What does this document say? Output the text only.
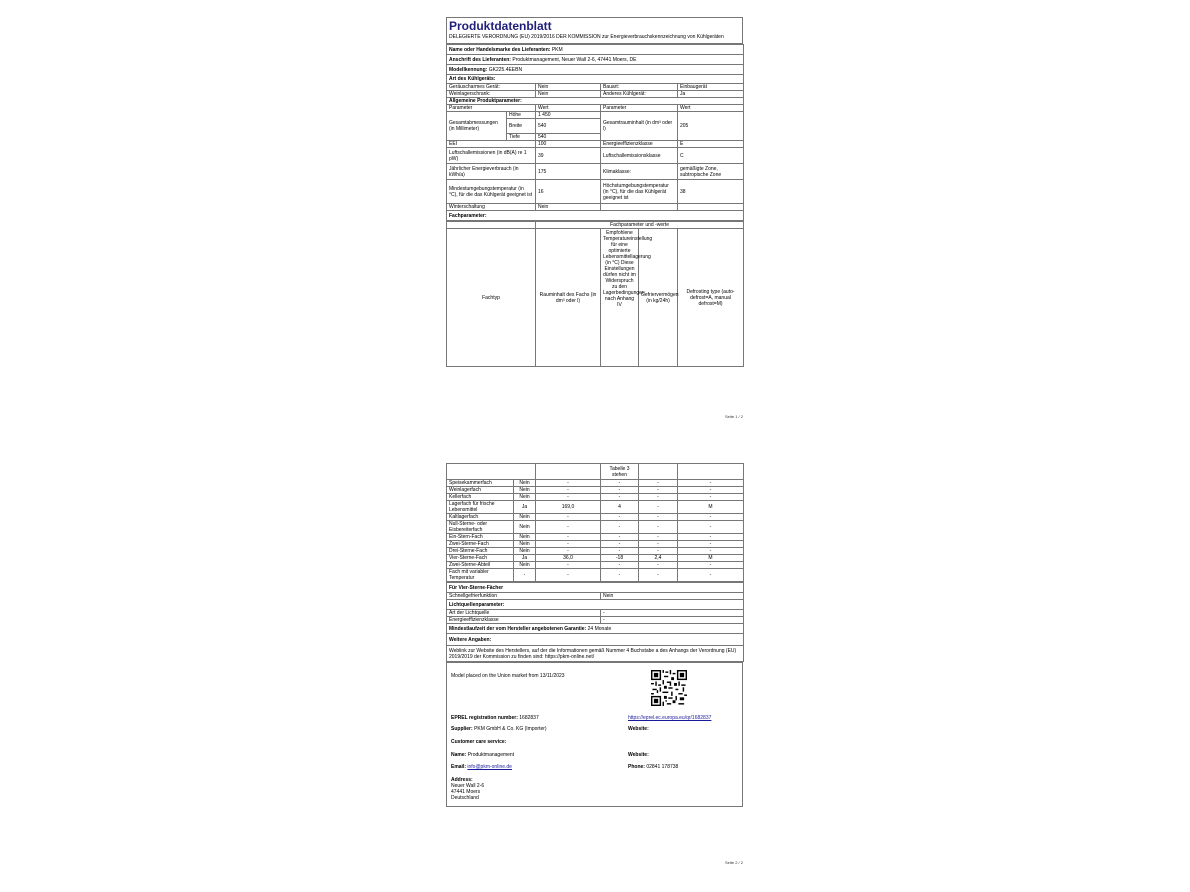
Produktdatenblatt
DELEGIERTE VERORDNUNG (EU) 2019/2016 DER KOMMISSION zur Energieverbrauchskennzeichnung von Kühlgeräten
Name oder Handelsmarke des Lieferanten: PKM				
Anschrift des Lieferanten: Produktmanagement, Neuer Wall 2-6, 47441 Moers, DE				
Modellkennung: GK225.4EEBN				
Art des Kühlgeräts:				
Geräuscharmes Gerät:		Nein	Bauart:	Einbaugerät
Weinlagerschrank:		Nein	Anderes Kühlgerät:	Ja
Allgemeine Produktparameter:				
Parameter		Wert	Parameter	Wert
Gesamtabmessungen (in Millimeter)	Höhe	1 450	Gesamtrauminhalt (in dm³ oder l)	205
	Breite	540		
	Tiefe	540		
EEI		100	Energieeffizienzklasse	E
Luftschallemissionen (in dB(A) re 1 pW)		39	Luftschallemissionsklasse	C
Jährlicher Energieverbrauch (in kWh/a)		175	Klimaklasse:	gemäßigte Zone, subtropische Zone
Mindestumgebungstemperatur (in °C), für die das Kühlgerät geeignet ist		16	Höchstumgebungstemperatur (in °C), für die das Kühlgerät geeignet ist	38
Winterschaltung		Nein		
Fachparameter:				
	Fachparameter und -werte			
Fachtyp	Rauminhalt des Fachs (in dm³ oder l)	Empfohlene Temperatureinstellung für eine optimierte Lebensmittellagerung (in °C) Diese Einstellungen dürfen nicht im Widerspruch zu den Lagerbedingungen nach Anhang IV	Gefriervermögen (in kg/24h)	Defrosting type (auto-defrost=A, manual defrost=M)
Seite 1 / 2
			Tabelle 3 stehen		
Speisekammerfach	Nein	-	-	-	-
Weinlagerfach	Nein	-	-	-	-
Kellerfach	Nein	-	-	-	-
Lagerfach für frische Lebensmittel	Ja	169,0	4	-	M
Kaltlagerfach	Nein	-	-	-	-
Null-Sterne- oder Eisbereiterfach	Nein	-	-	-	-
Ein-Stern-Fach	Nein	-	-	-	-
Zwei-Sterne-Fach	Nein	-	-	-	-
Drei-Sterne-Fach	Nein	-	-	-	-
Vier-Sterne-Fach	Ja	36,0	-18	2,4	M
Zwei-Sterne-Abteil	Nein	-	-	-	-
Fach mit variabler Temperatur	-	-	-	-	-
Für Vier-Sterne-Fächer	
Schnellgefrierfunktion	Nein
Lichtquellenparameter:	
Art der Lichtquelle	-
Energieeffizienzklasse	-
Mindestlaufzeit der vom Hersteller angebotenen Garantie: 24 Monate	
Weitere Angaben:	
Weblink zur Website des Herstellers, auf der die Informationen gemäß Nummer 4 Buchstabe a des Anhangs der Verordnung (EU) 2019/2019 der Kommission zu finden sind: https://pkm-online.net/	
Model placed on the Union market from 13/11/2023
EPREL registration number: 1682837	https://eprel.ec.europa.eu/qr/1682837
Supplier: PKM GmbH & Co. KG (Importer)	Website:
Customer care service:	
Name: Produktmanagement	Website:
Email: info@pkm-online.de	Phone: 02841 178738
Address:	
Neuer Wall 2-6	
47441 Moers	
Deutschland	
Seite 2 / 2
